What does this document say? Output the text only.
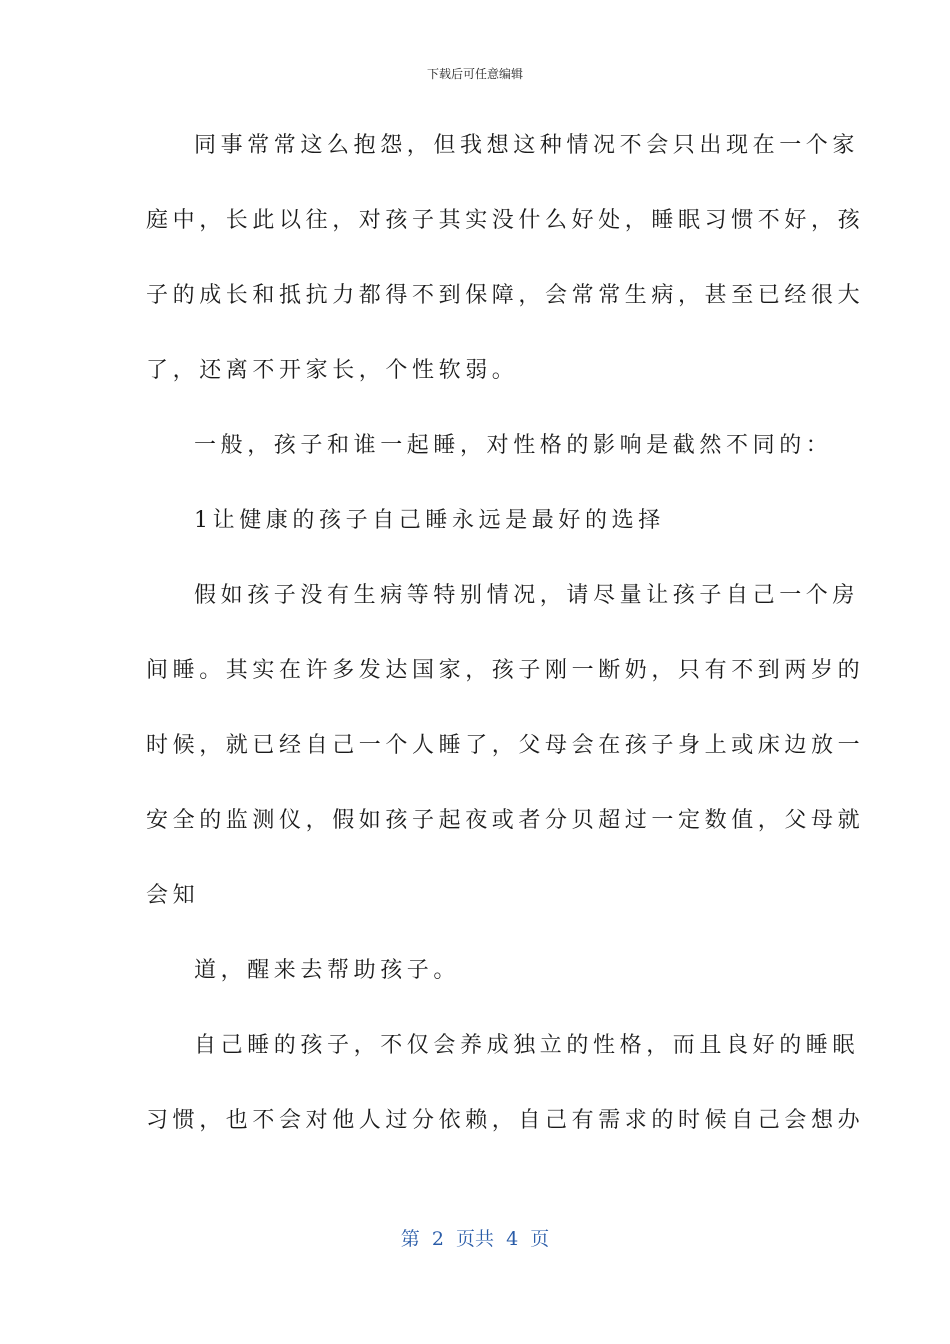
下载后可任意编辑
同事常常这么抱怨，但我想这种情况不会只出现在一个家
庭中，长此以往，对孩子其实没什么好处，睡眠习惯不好，孩
子的成长和抵抗力都得不到保障，会常常生病，甚至已经很大
了，还离不开家长，个性软弱。
一般，孩子和谁一起睡，对性格的影响是截然不同的：
1让健康的孩子自己睡永远是最好的选择
假如孩子没有生病等特别情况，请尽量让孩子自己一个房
间睡。其实在许多发达国家，孩子刚一断奶，只有不到两岁的
时候，就已经自己一个人睡了，父母会在孩子身上或床边放一
安全的监测仪，假如孩子起夜或者分贝超过一定数值，父母就
会知
道，醒来去帮助孩子。
自己睡的孩子，不仅会养成独立的性格，而且良好的睡眠
习惯，也不会对他人过分依赖，自己有需求的时候自己会想办
第  2  页共  4  页
